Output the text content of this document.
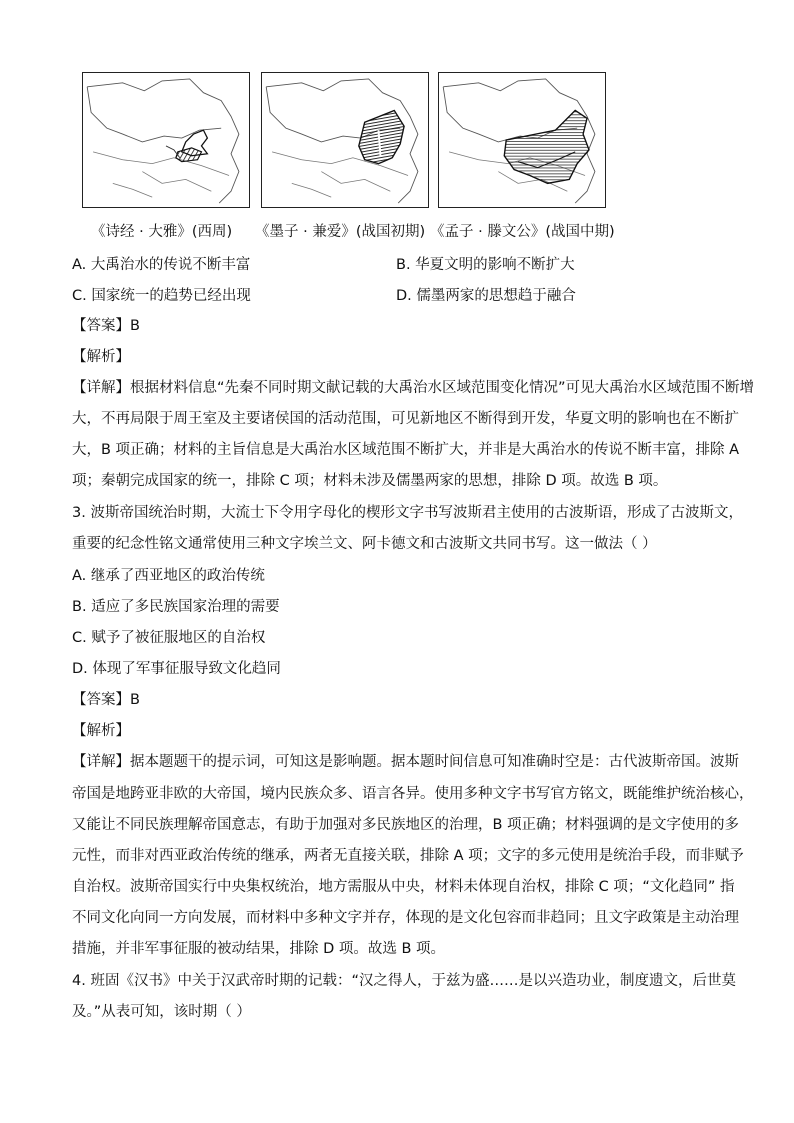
《诗经 · 大雅》(西周) 《墨子 · 兼爱》(战国初期) 《孟子 · 滕文公》(战国中期)
A. 大禹治水的传说不断丰富	B. 华夏文明的影响不断扩大
C. 国家统一的趋势已经出现	D. 儒墨两家的思想趋于融合
【答案】B
【解析】
【详解】根据材料信息“先秦不同时期文献记载的大禹治水区域范围变化情况”可见大禹治水区域范围不断增
大，不再局限于周王室及主要诸侯国的活动范围，可见新地区不断得到开发，华夏文明的影响也在不断扩
大，B 项正确；材料的主旨信息是大禹治水区域范围不断扩大，并非是大禹治水的传说不断丰富，排除 A
项；秦朝完成国家的统一，排除 C 项；材料未涉及儒墨两家的思想，排除 D 项。故选 B 项。
3. 波斯帝国统治时期，大流士下令用字母化的楔形文字书写波斯君主使用的古波斯语，形成了古波斯文，
重要的纪念性铭文通常使用三种文字埃兰文、阿卡德文和古波斯文共同书写。这一做法（ ）
A. 继承了西亚地区的政治传统
B. 适应了多民族国家治理的需要
C. 赋予了被征服地区的自治权
D. 体现了军事征服导致文化趋同
【答案】B
【解析】
【详解】据本题题干的提示词，可知这是影响题。据本题时间信息可知准确时空是：古代波斯帝国。波斯
帝国是地跨亚非欧的大帝国，境内民族众多、语言各异。使用多种文字书写官方铭文，既能维护统治核心，
又能让不同民族理解帝国意志，有助于加强对多民族地区的治理，B 项正确；材料强调的是文字使用的多
元性，而非对西亚政治传统的继承，两者无直接关联，排除 A 项；文字的多元使用是统治手段，而非赋予
自治权。波斯帝国实行中央集权统治，地方需服从中央，材料未体现自治权，排除 C 项；“文化趋同” 指
不同文化向同一方向发展，而材料中多种文字并存，体现的是文化包容而非趋同；且文字政策是主动治理
措施，并非军事征服的被动结果，排除 D 项。故选 B 项。
4. 班固《汉书》中关于汉武帝时期的记载：“汉之得人，于兹为盛……是以兴造功业，制度遗文，后世莫
及。”从表可知，该时期（ ）
